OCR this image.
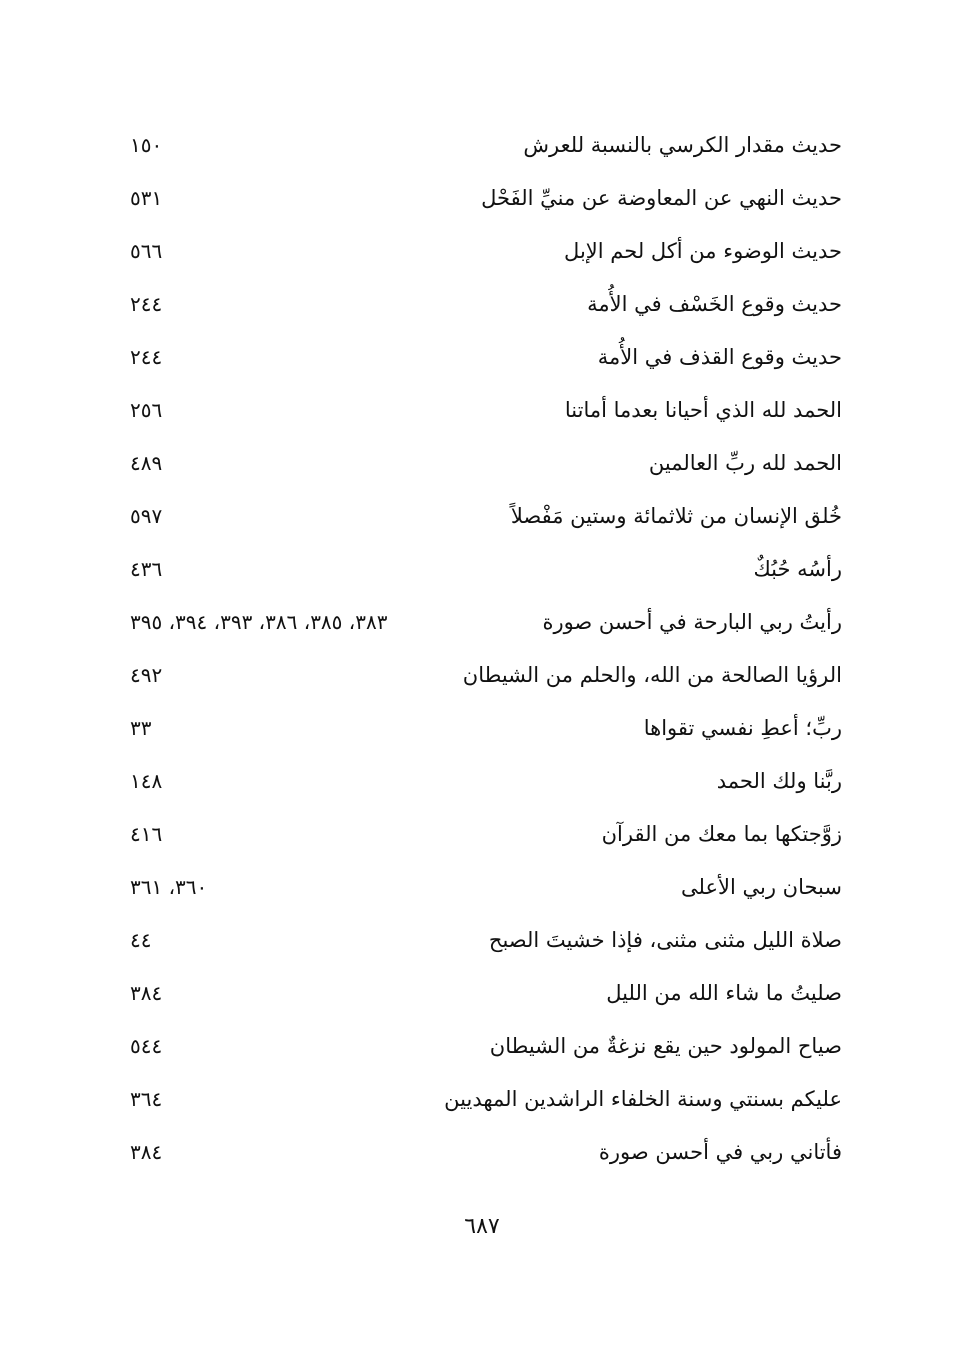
حديث مقدار الكرسي بالنسبة للعرش
١٥٠
حديث النهي عن المعاوضة عن منيِّ الفَحْل
٥٣١
حديث الوضوء من أكل لحم الإبل
٥٦٦
حديث وقوع الخَسْف في الأُمة
٢٤٤
حديث وقوع القذف في الأُمة
٢٤٤
الحمد لله الذي أحيانا بعدما أماتنا
٢٥٦
الحمد لله ربِّ العالمين
٤٨٩
خُلق الإنسان من ثلاثمائة وستين مَفْصلاً
٥٩٧
رأسُه حُبُكٌ
٤٣٦
رأيتُ ربي البارحة في أحسن صورة
٣٨٣، ٣٨٥، ٣٨٦، ٣٩٣، ٣٩٤، ٣٩٥
الرؤيا الصالحة من الله، والحلم من الشيطان
٤٩٢
ربِّ؛ أعطِ نفسي تقواها
٣٣
ربَّنا ولك الحمد
١٤٨
زوَّجتكها بما معك من القرآن
٤١٦
سبحان ربي الأعلى
٣٦٠، ٣٦١
صلاة الليل مثنى مثنى، فإذا خشيتَ الصبح
٤٤
صليتُ ما شاء الله من الليل
٣٨٤
صياح المولود حين يقع نزغةٌ من الشيطان
٥٤٤
عليكم بسنتي وسنة الخلفاء الراشدين المهديين
٣٦٤
فأتاني ربي في أحسن صورة
٣٨٤
٦٨٧
